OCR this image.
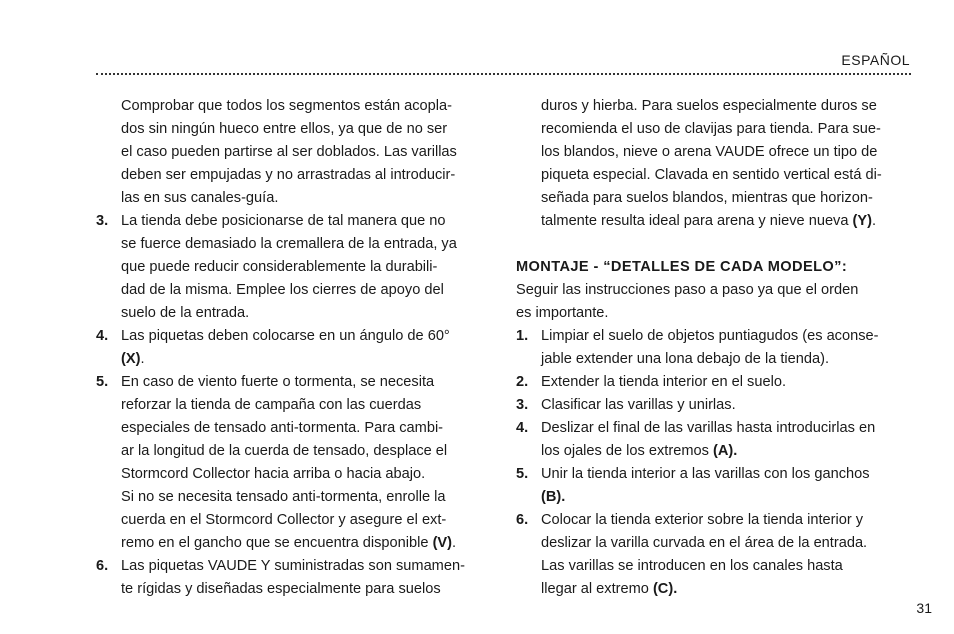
ESPAÑOL
Comprobar que todos los segmentos están acopla-
dos sin ningún hueco entre ellos, ya que de no ser
el caso pueden partirse al ser doblados. Las varillas
deben ser empujadas y no arrastradas al introducir-
las en sus canales-guía.
3. La tienda debe posicionarse de tal manera que no
se fuerce demasiado la cremallera de la entrada, ya
que puede reducir considerablemente la durabili-
dad de la misma. Emplee los cierres de apoyo del
suelo de la entrada.
4. Las piquetas deben colocarse en un ángulo de 60°
(X).
5. En caso de viento fuerte o tormenta, se necesita
reforzar la tienda de campaña con las cuerdas
especiales de tensado anti-tormenta. Para cambi-
ar la longitud de la cuerda de tensado, desplace el
Stormcord Collector hacia arriba o hacia abajo.
Si no se necesita tensado anti-tormenta, enrolle la
cuerda en el Stormcord Collector y asegure el ext-
remo en el gancho que se encuentra disponible (V).
6. Las piquetas VAUDE Y suministradas son sumamen-
te rígidas y diseñadas especialmente para suelos
duros y hierba. Para suelos especialmente duros se
recomienda el uso de clavijas para tienda. Para sue-
los blandos, nieve o arena VAUDE ofrece un tipo de
piqueta especial. Clavada en sentido vertical está di-
señada para suelos blandos, mientras que horizon-
talmente resulta ideal para arena y nieve nueva (Y).
MONTAJE - “DETALLES DE CADA MODELO”:
Seguir las instrucciones paso a paso ya que el orden
es importante.
1. Limpiar el suelo de objetos puntiagudos (es aconse-
jable extender una lona debajo de la tienda).
2. Extender la tienda interior en el suelo.
3. Clasificar las varillas y unirlas.
4. Deslizar el final de las varillas hasta introducirlas en
los ojales de los extremos (A).
5. Unir la tienda interior a las varillas con los ganchos
(B).
6. Colocar la tienda exterior sobre la tienda interior y
deslizar la varilla curvada en el área de la entrada.
Las varillas se introducen en los canales hasta
llegar al extremo (C).
31
